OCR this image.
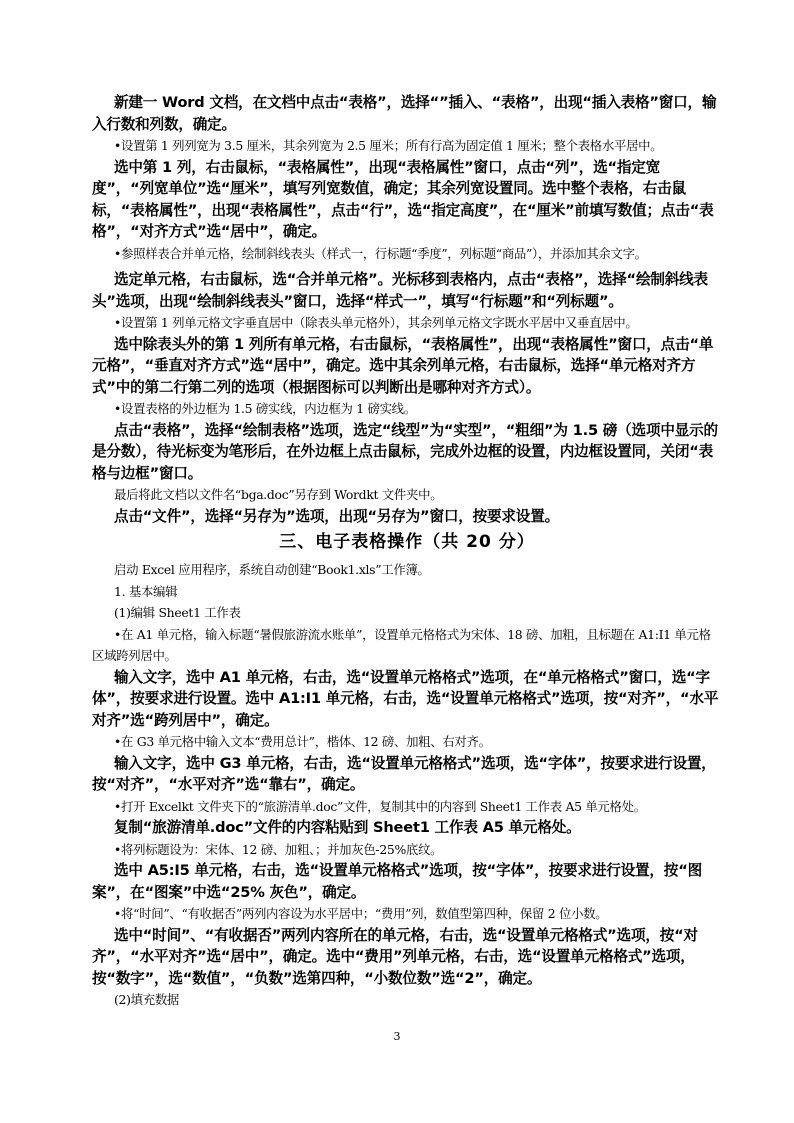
新建一 Word 文档，在文档中点击“表格”，选择“”插入、“表格”，出现“插入表格”窗口，输入行数和列数，确定。

•设置第 1 列列宽为 3.5 厘米，其余列宽为 2.5 厘米；所有行高为固定值 1 厘米；整个表格水平居中。

选中第 1 列，右击鼠标，“表格属性”，出现“表格属性”窗口，点击“列”，选“指定宽度”，“列宽单位”选“厘米”，填写列宽数值，确定；其余列宽设置同。选中整个表格，右击鼠标，“表格属性”，出现“表格属性”，点击“行”，选“指定高度”，在“厘米”前填写数值；点击“表格”，“对齐方式”选“居中”，确定。

•参照样表合并单元格，绘制斜线表头（样式一，行标题“季度”，列标题“商品”），并添加其余文字。

选定单元格，右击鼠标，选“合并单元格”。光标移到表格内，点击“表格”，选择“绘制斜线表头”选项，出现“绘制斜线表头”窗口，选择“样式一”，填写“行标题”和“列标题”。

•设置第 1 列单元格文字垂直居中（除表头单元格外），其余列单元格文字既水平居中又垂直居中。

选中除表头外的第 1 列所有单元格，右击鼠标，“表格属性”，出现“表格属性”窗口，点击“单元格”，“垂直对齐方式”选“居中”，确定。选中其余列单元格，右击鼠标，选择“单元格对齐方式”中的第二行第二列的选项（根据图标可以判断出是哪种对齐方式）。

•设置表格的外边框为 1.5 磅实线，内边框为 1 磅实线。

点击“表格”，选择“绘制表格”选项，选定“线型”为“实型”，“粗细”为 1.5 磅（选项中显示的是分数），待光标变为笔形后，在外边框上点击鼠标，完成外边框的设置，内边框设置同，关闭“表格与边框”窗口。

最后将此文档以文件名“bga.doc”另存到 Wordkt 文件夹中。

点击“文件”，选择“另存为”选项，出现“另存为”窗口，按要求设置。

三、电子表格操作（共 20 分）

启动 Excel 应用程序，系统自动创建“Book1.xls”工作簿。

1. 基本编辑

(1)编辑 Sheet1 工作表

•在 A1 单元格，输入标题“暑假旅游流水账单”，设置单元格格式为宋体、18 磅、加粗，且标题在 A1:I1 单元格区域跨列居中。

输入文字，选中 A1 单元格，右击，选“设置单元格格式”选项，在“单元格格式”窗口，选“字体”，按要求进行设置。选中 A1:I1 单元格，右击，选“设置单元格格式”选项，按“对齐”，“水平对齐”选“跨列居中”，确定。

•在 G3 单元格中输入文本“费用总计”，楷体、12 磅、加粗、右对齐。

输入文字，选中 G3 单元格，右击，选“设置单元格格式”选项，选“字体”，按要求进行设置，按“对齐”，“水平对齐”选“靠右”，确定。

•打开 Excelkt 文件夹下的“旅游清单.doc”文件，复制其中的内容到 Sheet1 工作表 A5 单元格处。

复制“旅游清单.doc”文件的内容粘贴到 Sheet1 工作表 A5 单元格处。

•将列标题设为：宋体、12 磅、加粗、；并加灰色-25%底纹。

选中 A5:I5 单元格，右击，选“设置单元格格式”选项，按“字体”，按要求进行设置，按“图案”，在“图案”中选“25% 灰色”，确定。

•将“时间”、“有收据否”两列内容设为水平居中；“费用”列，数值型第四种，保留 2 位小数。

选中“时间”、“有收据否”两列内容所在的单元格，右击，选“设置单元格格式”选项，按“对齐”，“水平对齐”选“居中”，确定。选中“费用”列单元格，右击，选“设置单元格格式”选项，按“数字”，选“数值”，“负数”选第四种，“小数位数”选“2”，确定。

(2)填充数据

3
